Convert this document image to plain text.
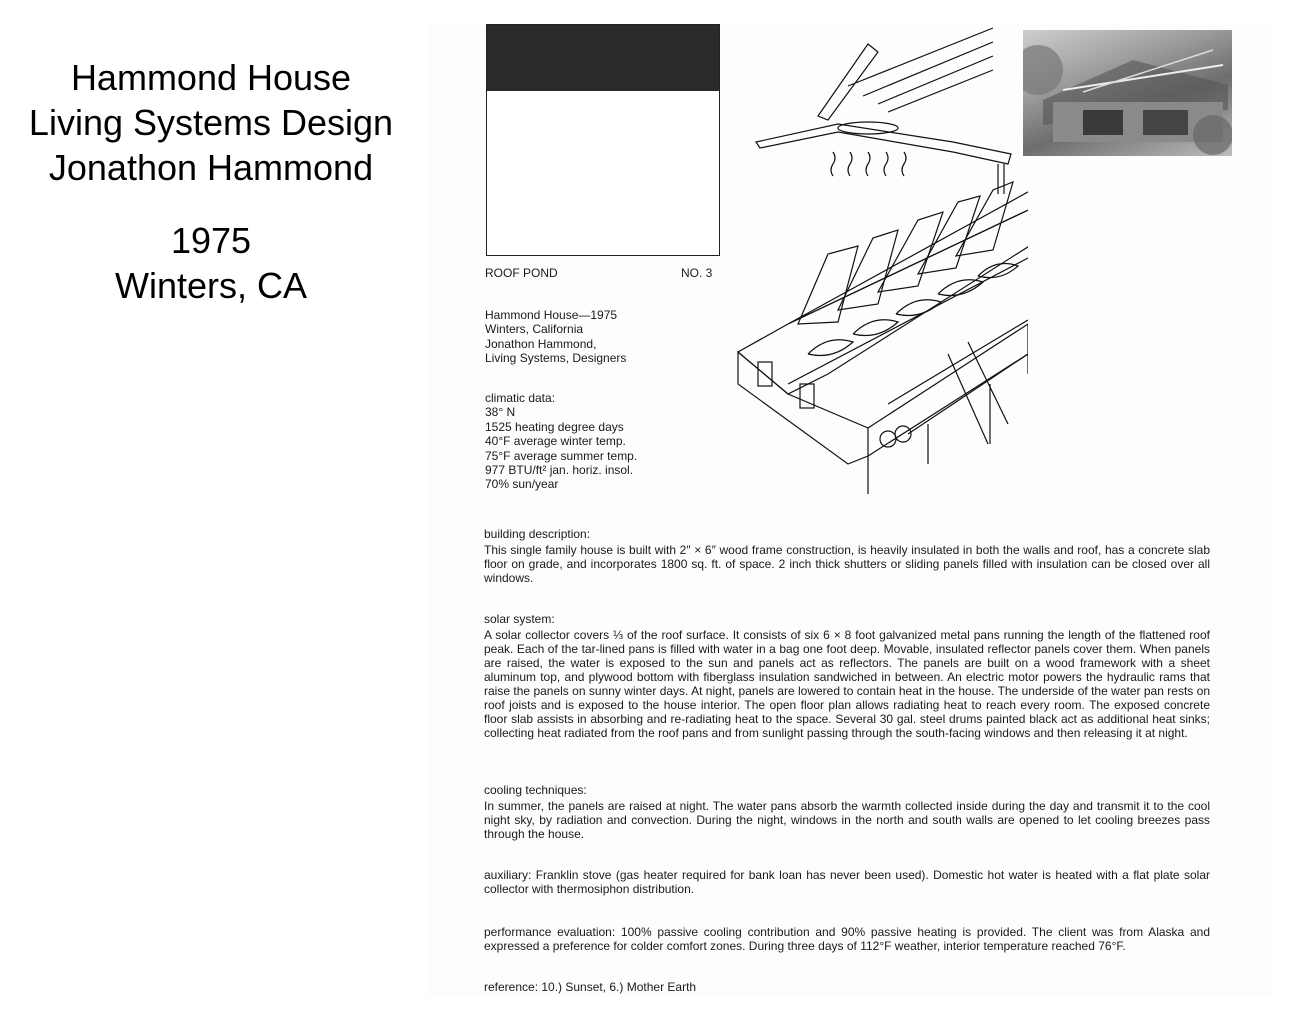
Hammond House
Living Systems Design
Jonathon Hammond
1975
Winters, CA	ROOF POND	NO. 3
Hammond House—1975
Winters, California
Jonathon Hammond,
Living Systems, Designers
climatic data:
38° N
1525 heating degree days
40°F average winter temp.
75°F average summer temp.
977 BTU/ft² jan. horiz. insol.
70% sun/year
building description:
This single family house is built with 2″ × 6″ wood frame construction, is heavily insulated in both the walls and roof, has a concrete slab floor on grade, and incorporates 1800 sq. ft. of space. 2 inch thick shutters or sliding panels filled with insulation can be closed over all windows.
solar system:
A solar collector covers ⅓ of the roof surface. It consists of six 6 × 8 foot galvanized metal pans running the length of the flattened roof peak. Each of the tar-lined pans is filled with water in a bag one foot deep. Movable, insulated reflector panels cover them. When panels are raised, the water is exposed to the sun and panels act as reflectors. The panels are built on a wood framework with a sheet aluminum top, and plywood bottom with fiberglass insulation sandwiched in between. An electric motor powers the hydraulic rams that raise the panels on sunny winter days. At night, panels are lowered to contain heat in the house. The underside of the water pan rests on roof joists and is exposed to the house interior. The open floor plan allows radiating heat to reach every room. The exposed concrete floor slab assists in absorbing and re-radiating heat to the space. Several 30 gal. steel drums painted black act as additional heat sinks; collecting heat radiated from the roof pans and from sunlight passing through the south-facing windows and then releasing it at night.
cooling techniques:
In summer, the panels are raised at night. The water pans absorb the warmth collected inside during the day and transmit it to the cool night sky, by radiation and convection. During the night, windows in the north and south walls are opened to let cooling breezes pass through the house.
auxiliary: Franklin stove (gas heater required for bank loan has never been used). Domestic hot water is heated with a flat plate solar collector with thermosiphon distribution.
performance evaluation: 100% passive cooling contribution and 90% passive heating is provided. The client was from Alaska and expressed a preference for colder comfort zones. During three days of 112°F weather, interior temperature reached 76°F.
reference: 10.) Sunset, 6.) Mother Earth
